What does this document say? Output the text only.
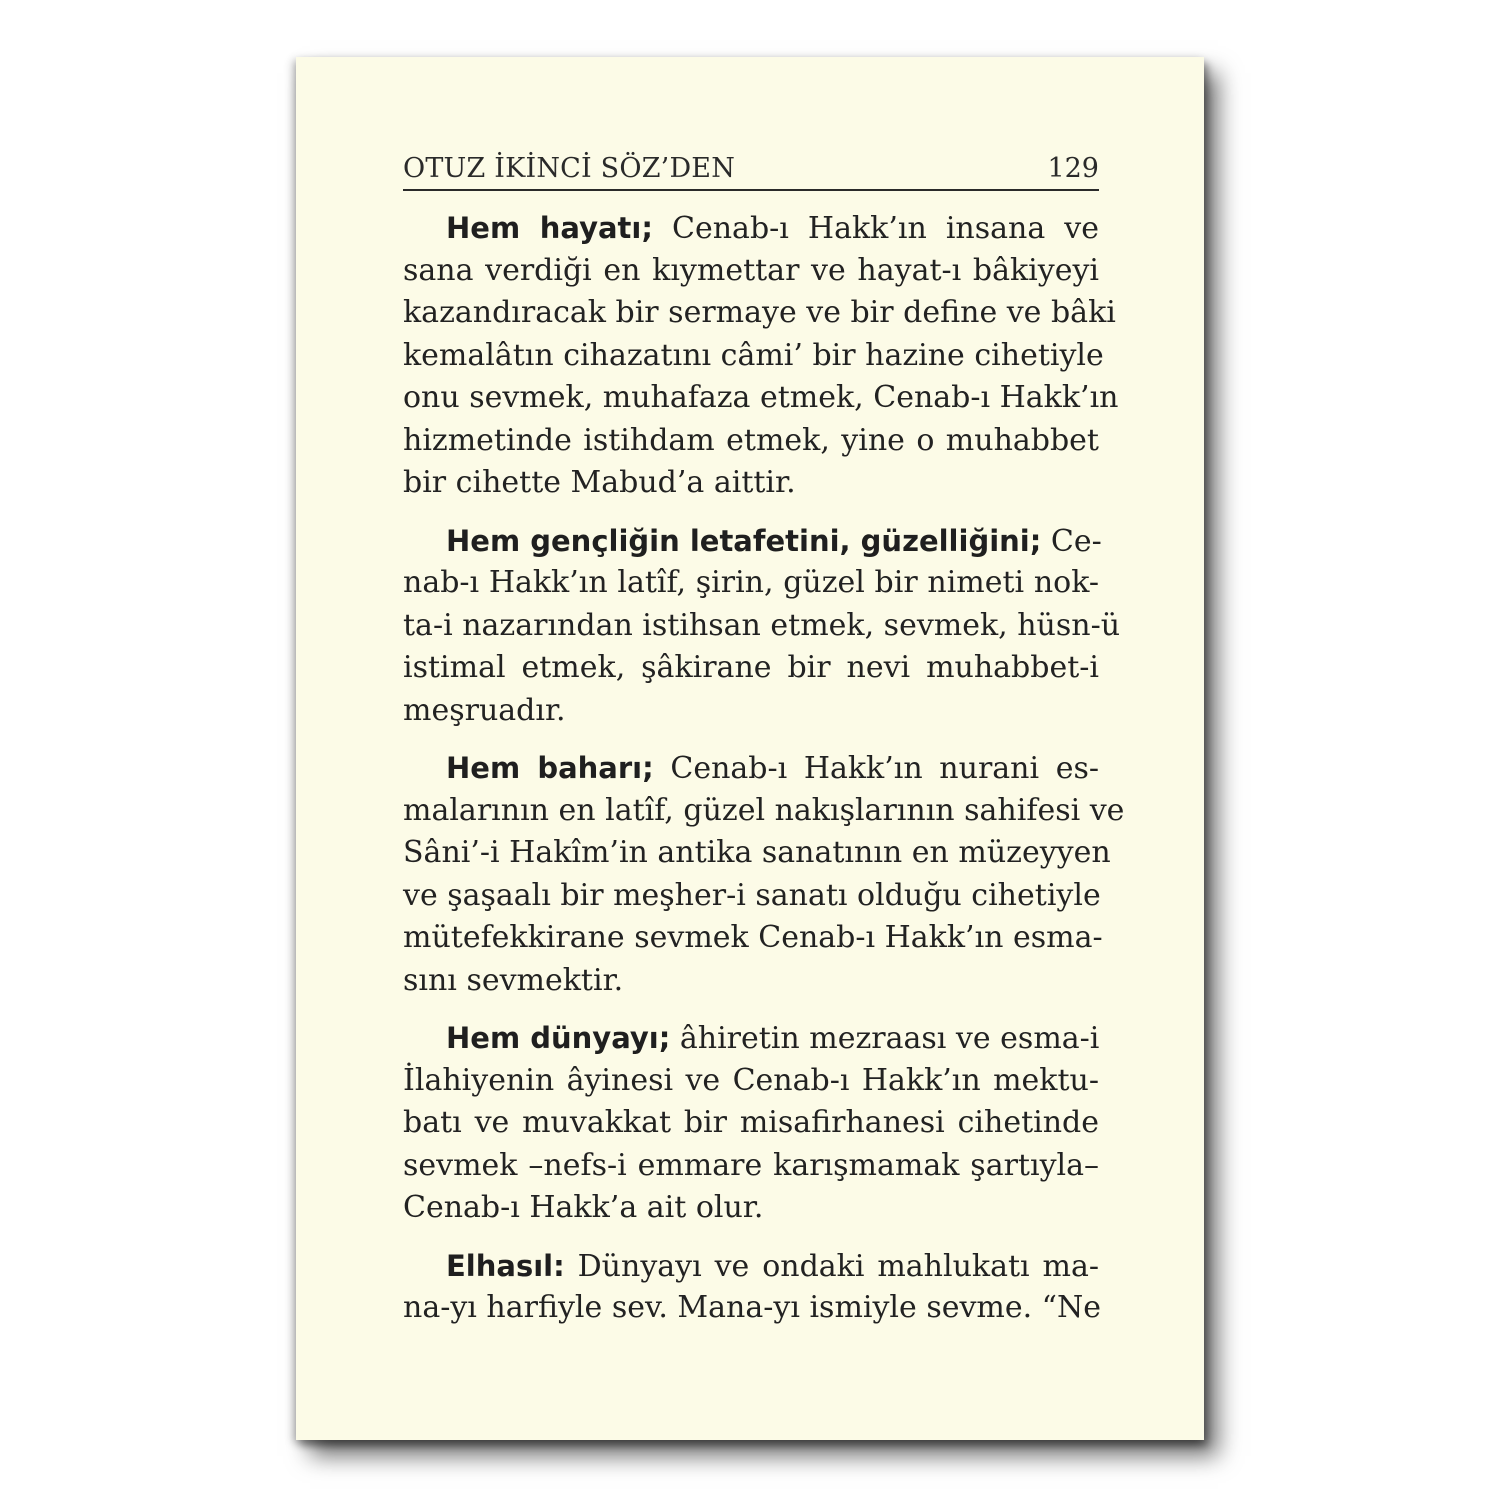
OTUZ İKİNCİ SÖZ’DEN	129
Hem hayatı; Cenab-ı Hakk’ın insana ve
sana verdiği en kıymettar ve hayat-ı bâkiyeyi
kazandıracak bir sermaye ve bir define ve bâki
kemalâtın cihazatını câmi’ bir hazine cihetiyle
onu sevmek, muhafaza etmek, Cenab-ı Hakk’ın
hizmetinde istihdam etmek, yine o muhabbet
bir cihette Mabud’a aittir.
Hem gençliğin letafetini, güzelliğini; Ce-
nab-ı Hakk’ın latîf, şirin, güzel bir nimeti nok-
ta-i nazarından istihsan etmek, sevmek, hüsn-ü
istimal etmek, şâkirane bir nevi muhabbet-i
meşruadır.
Hem baharı; Cenab-ı Hakk’ın nurani es-
malarının en latîf, güzel nakışlarının sahifesi ve
Sâni’-i Hakîm’in antika sanatının en müzeyyen
ve şaşaalı bir meşher-i sanatı olduğu cihetiyle
mütefekkirane sevmek Cenab-ı Hakk’ın esma-
sını sevmektir.
Hem dünyayı; âhiretin mezraası ve esma-i
İlahiyenin âyinesi ve Cenab-ı Hakk’ın mektu-
batı ve muvakkat bir misafirhanesi cihetinde
sevmek –nefs-i emmare karışmamak şartıyla–
Cenab-ı Hakk’a ait olur.
Elhasıl: Dünyayı ve ondaki mahlukatı ma-
na-yı harfiyle sev. Mana-yı ismiyle sevme. “Ne
